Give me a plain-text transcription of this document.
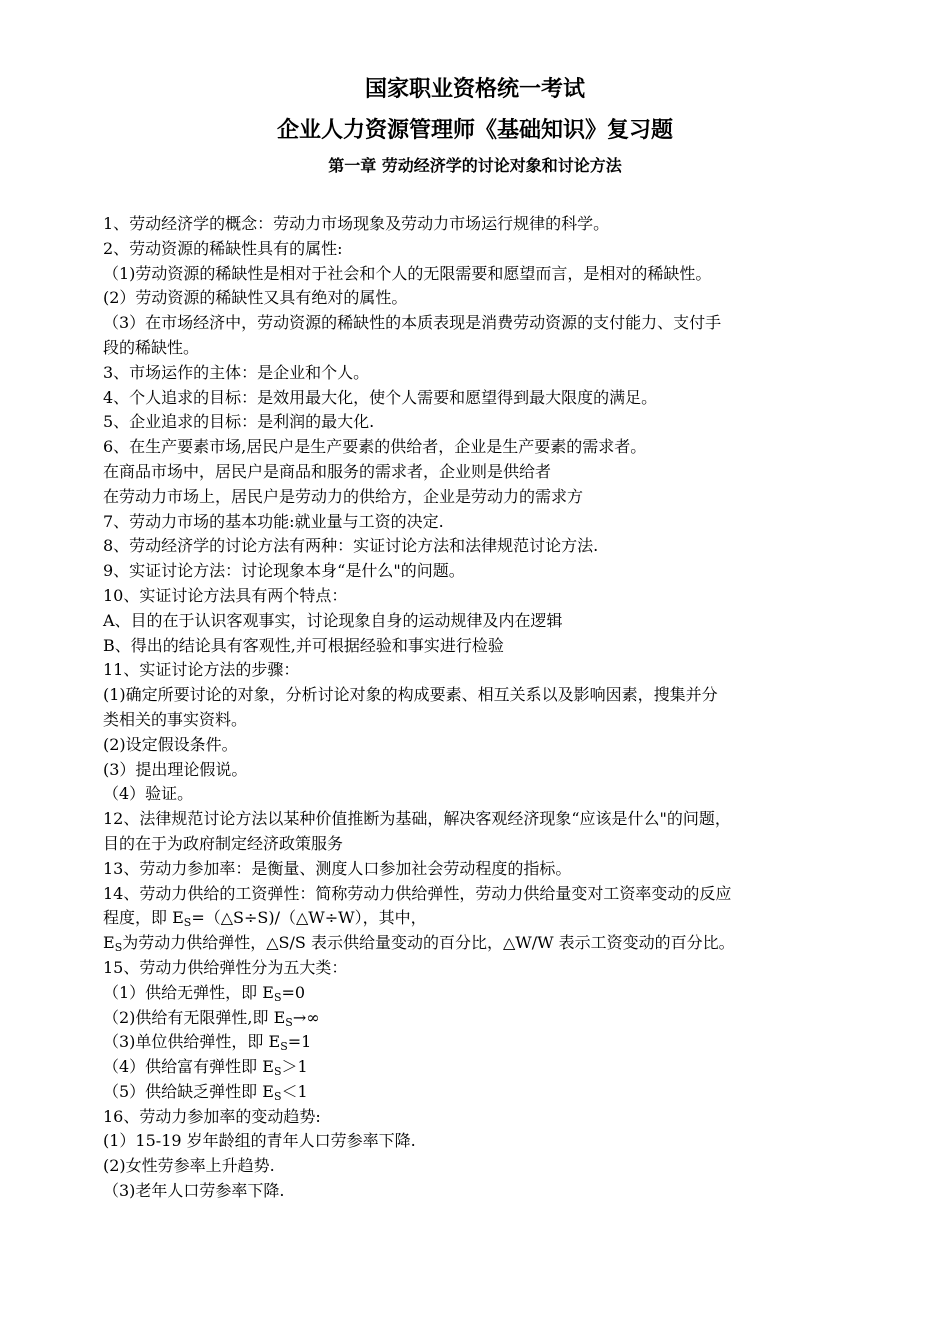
国家职业资格统一考试
企业人力资源管理师《基础知识》复习题
第一章 劳动经济学的讨论对象和讨论方法
1、劳动经济学的概念：劳动力市场现象及劳动力市场运行规律的科学。
2、劳动资源的稀缺性具有的属性:
（1)劳动资源的稀缺性是相对于社会和个人的无限需要和愿望而言，是相对的稀缺性。
(2）劳动资源的稀缺性又具有绝对的属性。
（3）在市场经济中，劳动资源的稀缺性的本质表现是消费劳动资源的支付能力、支付手
段的稀缺性。
3、市场运作的主体：是企业和个人。
4、个人追求的目标：是效用最大化，使个人需要和愿望得到最大限度的满足。
5、企业追求的目标：是利润的最大化.
6、在生产要素市场,居民户是生产要素的供给者，企业是生产要素的需求者。
在商品市场中，居民户是商品和服务的需求者，企业则是供给者
在劳动力市场上，居民户是劳动力的供给方，企业是劳动力的需求方
7、劳动力市场的基本功能:就业量与工资的决定.
8、劳动经济学的讨论方法有两种：实证讨论方法和法律规范讨论方法.
9、实证讨论方法：讨论现象本身“是什么"的问题。
10、实证讨论方法具有两个特点：
A、目的在于认识客观事实，讨论现象自身的运动规律及内在逻辑
B、得出的结论具有客观性,并可根据经验和事实进行检验
11、实证讨论方法的步骤：
(1)确定所要讨论的对象，分析讨论对象的构成要素、相互关系以及影响因素，搜集并分
类相关的事实资料。
(2)设定假设条件。
(3）提出理论假说。
（4）验证。
12、法律规范讨论方法以某种价值推断为基础，解决客观经济现象“应该是什么"的问题，
目的在于为政府制定经济政策服务
13、劳动力参加率：是衡量、测度人口参加社会劳动程度的指标。
14、劳动力供给的工资弹性：简称劳动力供给弹性，劳动力供给量变对工资率变动的反应
程度，即 $E_S=(\triangle S\div S)/(\triangle W\div W)$，其中，
$E_S$为劳动力供给弹性，△S/S 表示供给量变动的百分比，△W/W 表示工资变动的百分比。
15、劳动力供给弹性分为五大类：
（1）供给无弹性，即 $E_S=0$
（2)供给有无限弹性,即 $E_S\to\infty$
（3)单位供给弹性，即 $E_S=1$
（4）供给富有弹性即 $E_S>1$
（5）供给缺乏弹性即 $E_S<1$
16、劳动力参加率的变动趋势:
(1）15-19 岁年龄组的青年人口劳参率下降.
(2)女性劳参率上升趋势.
（3)老年人口劳参率下降.
